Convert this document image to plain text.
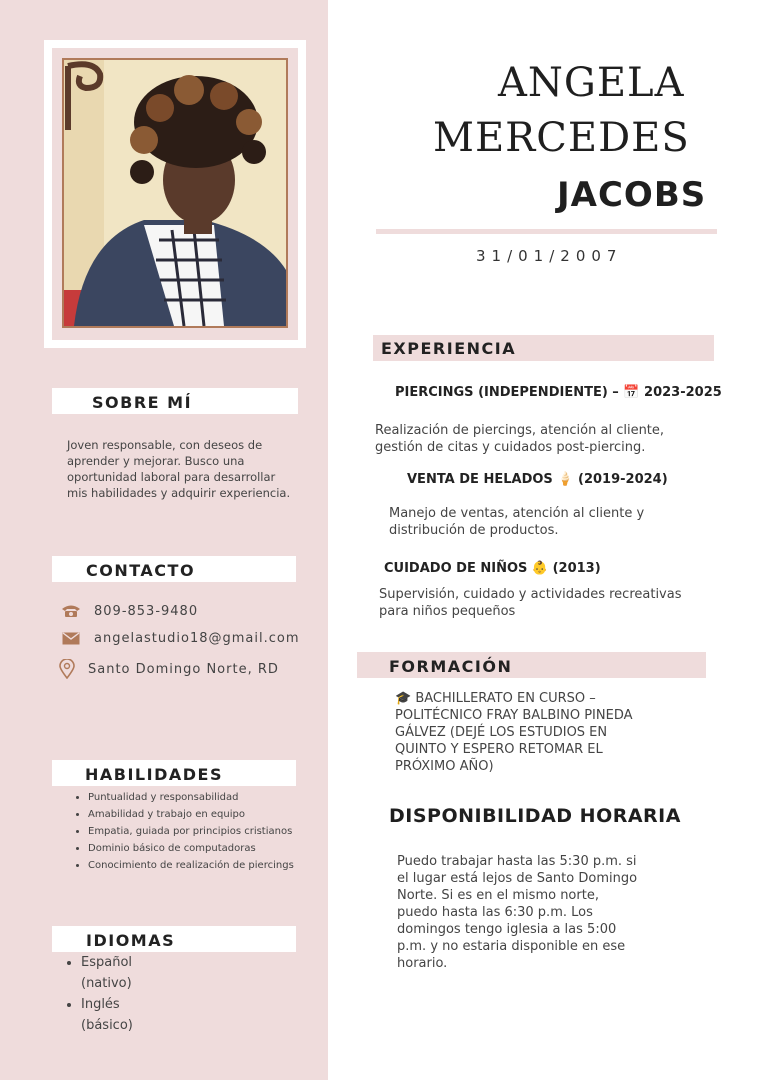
SOBRE MÍ
Joven responsable, con deseos de aprender y mejorar. Busco una oportunidad laboral para desarrollar mis habilidades y adquirir experiencia.
CONTACTO
809-853-9480
angelastudio18@gmail.com
Santo Domingo Norte, RD
HABILIDADES
• Puntualidad y responsabilidad
• Amabilidad y trabajo en equipo
• Empatia, guiada por principios cristianos
• Dominio básico de computadoras
• Conocimiento de realización de piercings
IDIOMAS
• Español
(nativo)
• Inglés
(básico)
ANGELA
MERCEDES
JACOBS
31/01/2007
EXPERIENCIA
PIERCINGS (INDEPENDIENTE) – 📅 2023-2025
Realización de piercings, atención al cliente, gestión de citas y cuidados post-piercing.
VENTA DE HELADOS 🍦 (2019-2024)
Manejo de ventas, atención al cliente y distribución de productos.
CUIDADO DE NIÑOS 👶 (2013)
Supervisión, cuidado y actividades recreativas para niños pequeños
FORMACIÓN
🎓 BACHILLERATO EN CURSO – POLITÉCNICO FRAY BALBINO PINEDA GÁLVEZ (DEJÉ LOS ESTUDIOS EN QUINTO Y ESPERO RETOMAR EL PRÓXIMO AÑO)
DISPONIBILIDAD HORARIA
Puedo trabajar hasta las 5:30 p.m. si el lugar está lejos de Santo Domingo Norte. Si es en el mismo norte, puedo hasta las 6:30 p.m. Los domingos tengo iglesia a las 5:00 p.m. y no estaria disponible en ese horario.
